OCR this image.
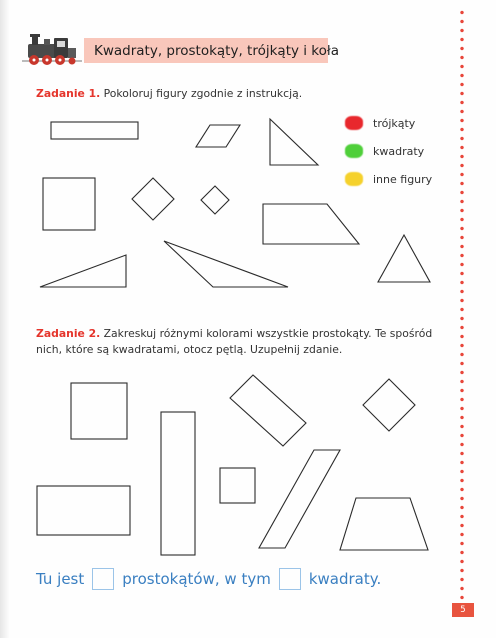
Kwadraty, prostokąty, trójkąty i koła
Zadanie 1. Pokoloruj figury zgodnie z instrukcją.
trójkąty
kwadraty
inne figury
Zadanie 2. Zakreskuj różnymi kolorami wszystkie prostokąty. Te spośród
nich, które są kwadratami, otocz pętlą. Uzupełnij zdanie.
Tu jest	prostokątów, w tym	kwadraty.
5
